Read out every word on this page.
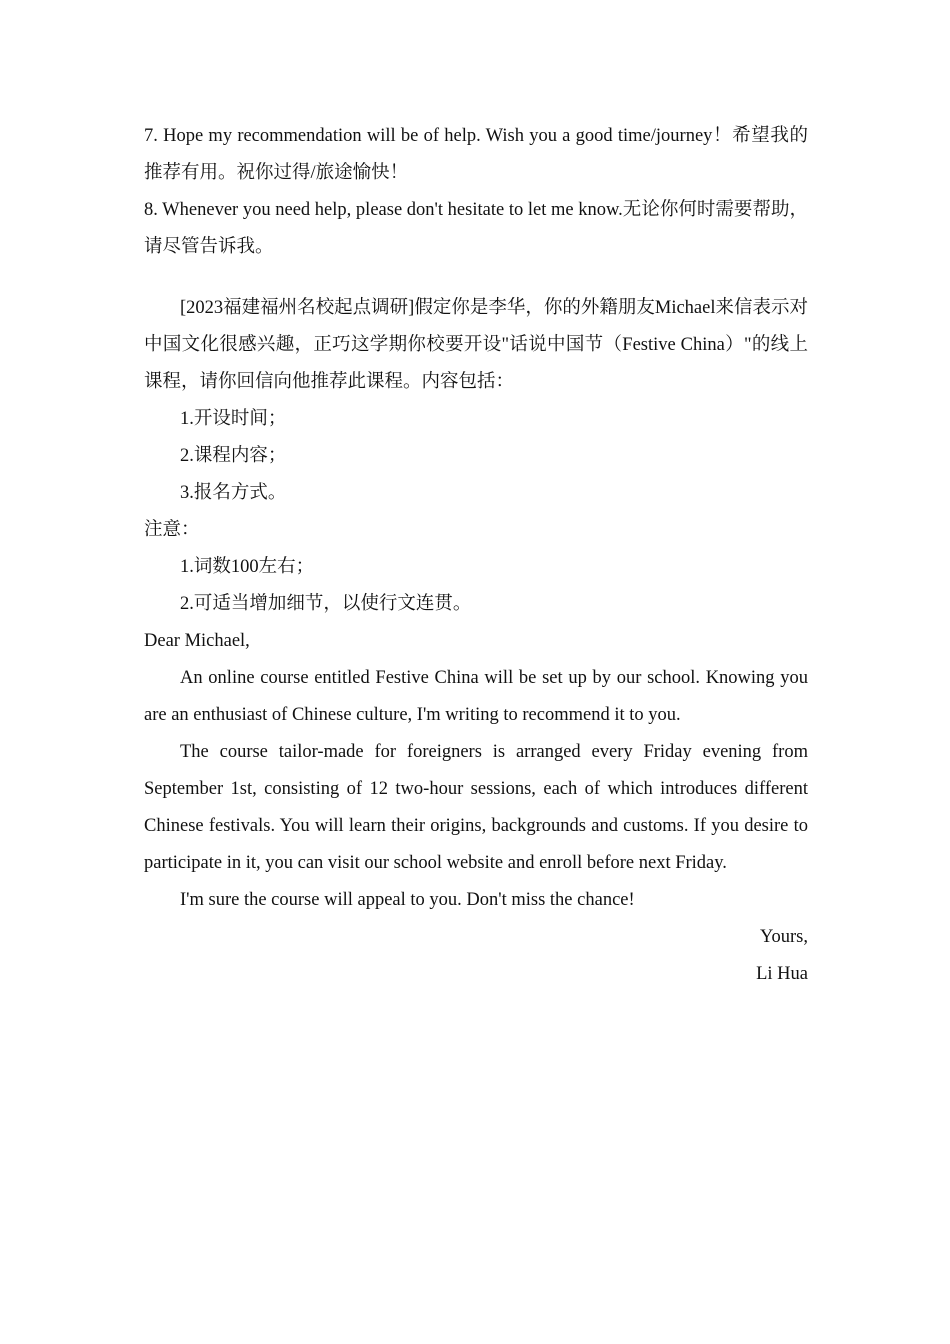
7. Hope my recommendation will be of help. Wish you a good time/journey！希望我的推荐有用。祝你过得/旅途愉快！

8. Whenever you need help, please don't hesitate to let me know.无论你何时需要帮助，请尽管告诉我。

[2023福建福州名校起点调研]假定你是李华，你的外籍朋友Michael来信表示对中国文化很感兴趣，正巧这学期你校要开设"话说中国节（Festive China）"的线上课程，请你回信向他推荐此课程。内容包括：

1.开设时间；

2.课程内容；

3.报名方式。

注意：

1.词数100左右；

2.可适当增加细节，以使行文连贯。

Dear Michael,

An online course entitled Festive China will be set up by our school. Knowing you are an enthusiast of Chinese culture, I'm writing to recommend it to you.

The course tailor-made for foreigners is arranged every Friday evening from September 1st, consisting of 12 two-hour sessions, each of which introduces different Chinese festivals. You will learn their origins, backgrounds and customs. If you desire to participate in it, you can visit our school website and enroll before next Friday.

I'm sure the course will appeal to you. Don't miss the chance!

Yours,

Li Hua
